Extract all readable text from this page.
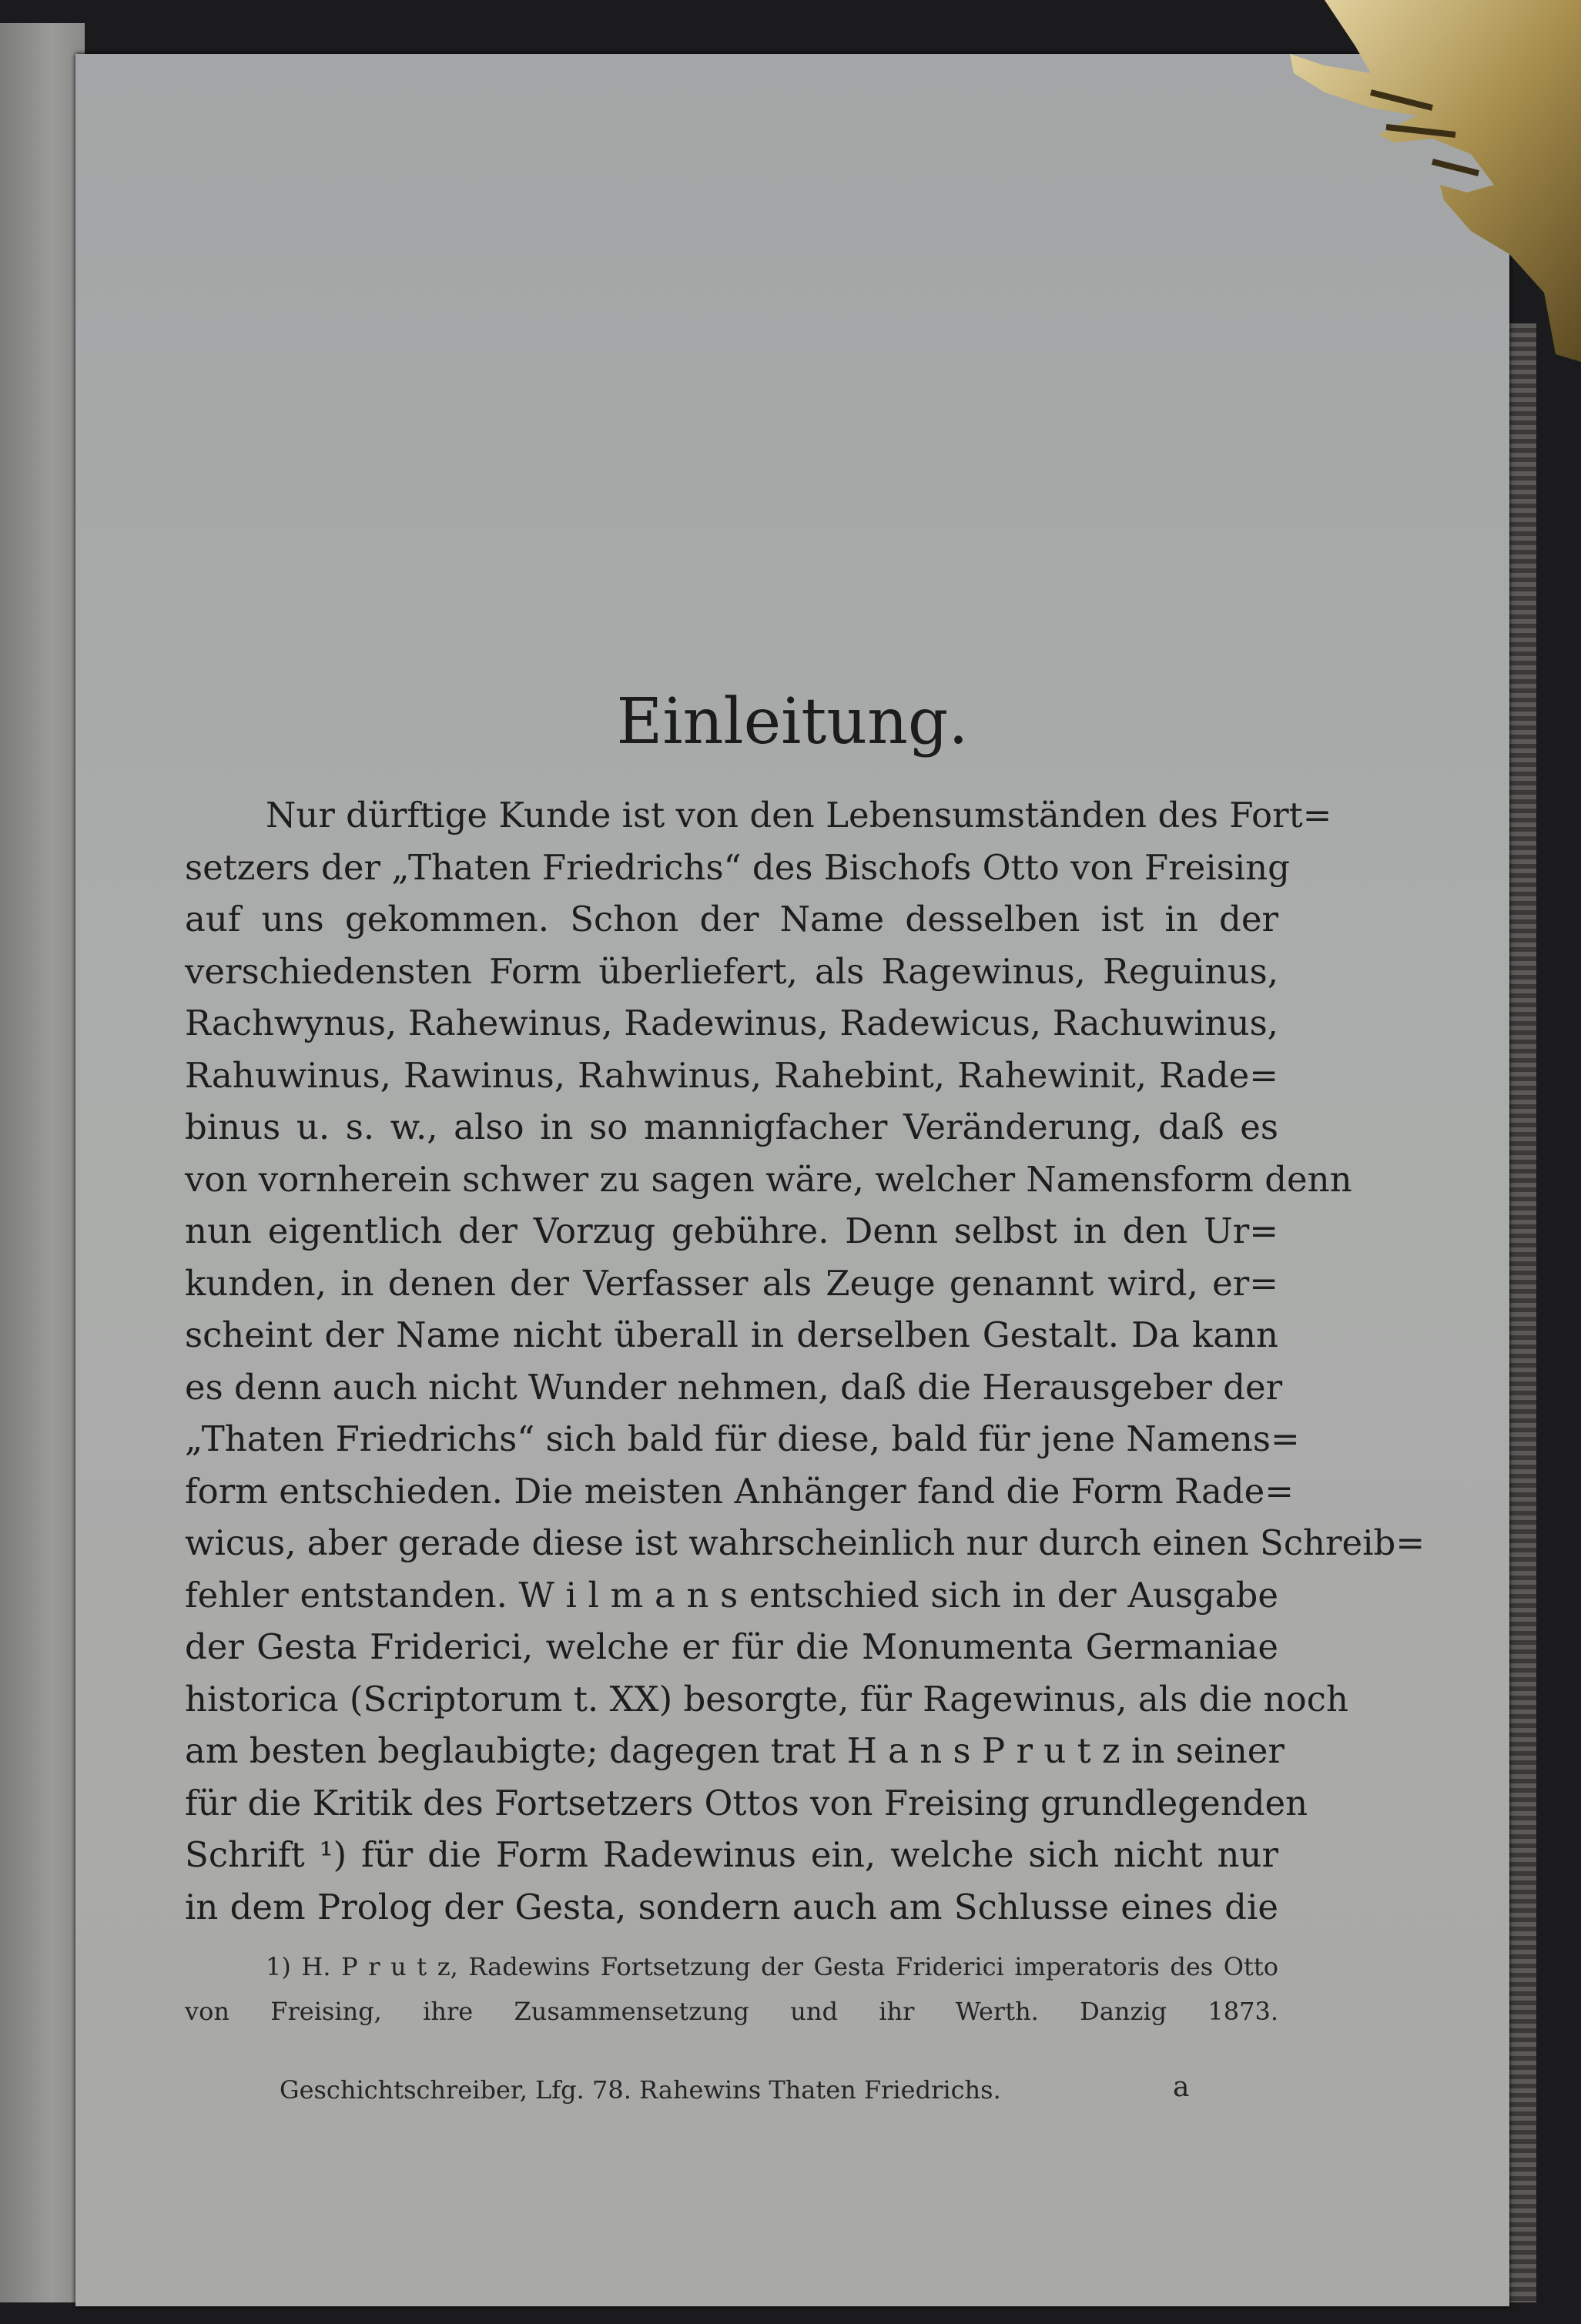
Einleitung.
Nur dürftige Kunde ist von den Lebensumständen des Fort=
setzers der „Thaten Friedrichs“ des Bischofs Otto von Freising
auf uns gekommen. Schon der Name desselben ist in der
verschiedensten Form überliefert, als Ragewinus, Reguinus,
Rachwynus, Rahewinus, Radewinus, Radewicus, Rachuwinus,
Rahuwinus, Rawinus, Rahwinus, Rahebint, Rahewinit, Rade=
binus u. s. w., also in so mannigfacher Veränderung, daß es
von vornherein schwer zu sagen wäre, welcher Namensform denn
nun eigentlich der Vorzug gebühre. Denn selbst in den Ur=
kunden, in denen der Verfasser als Zeuge genannt wird, er=
scheint der Name nicht überall in derselben Gestalt. Da kann
es denn auch nicht Wunder nehmen, daß die Herausgeber der
„Thaten Friedrichs“ sich bald für diese, bald für jene Namens=
form entschieden. Die meisten Anhänger fand die Form Rade=
wicus, aber gerade diese ist wahrscheinlich nur durch einen Schreib=
fehler entstanden. W i l m a n s entschied sich in der Ausgabe
der Gesta Friderici, welche er für die Monumenta Germaniae
historica (Scriptorum t. XX) besorgte, für Ragewinus, als die noch
am besten beglaubigte; dagegen trat H a n s P r u t z in seiner
für die Kritik des Fortsetzers Ottos von Freising grundlegenden
Schrift ¹) für die Form Radewinus ein, welche sich nicht nur
in dem Prolog der Gesta, sondern auch am Schlusse eines die
1) H. P r u t z, Radewins Fortsetzung der Gesta Friderici imperatoris des Otto
von Freising, ihre Zusammensetzung und ihr Werth. Danzig 1873.
Geschichtschreiber, Lfg. 78. Rahewins Thaten Friedrichs.	a
